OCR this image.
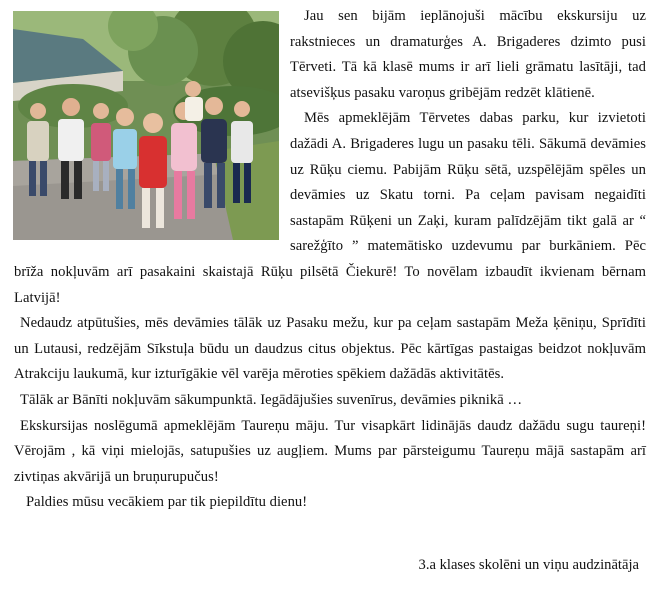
Jau sen bijām ieplānojuši mācību ekskursiju uz rakstnieces un dramaturģes A. Brigaderes dzimto pusi Tērveti. Tā kā klasē mums ir arī lieli grāmatu lasītāji, tad atsevišķus pasaku varoņus gribējām redzēt klātienē.

Mēs apmeklējām Tērvetes dabas parku, kur izvietoti dažādi A. Brigaderes lugu un pasaku tēli. Sākumā devāmies uz Rūķu ciemu. Pabijām Rūķu sētā, uzspēlējām spēles un devāmies uz Skatu torni. Pa ceļam pavisam negaidīti sastapām Rūķeni un Zaķi, kuram palīdzējām tikt galā ar “ sarežģīto ” matemātisko uzdevumu par burkāniem. Pēc brīža nokļuvām arī pasakaini skaistajā Rūķu pilsētā Čiekurē! To novēlam izbaudīt ikvienam bērnam Latvijā!

Nedaudz atpūtušies, mēs devāmies tālāk uz Pasaku mežu, kur pa ceļam sastapām Meža ķēniņu, Sprīdīti un Lutausi, redzējām Sīkstuļa būdu un daudzus citus objektus. Pēc kārtīgas pastaigas beidzot nokļuvām Atrakciju laukumā, kur izturīgākie vēl varēja mēroties spēkiem dažādās aktivitātēs.

Tālāk ar Bānīti nokļuvām sākumpunktā. Iegādājušies suvenīrus, devāmies piknikā …

Ekskursijas noslēgumā apmeklējām Taureņu māju. Tur visapkārt lidinājās daudz dažādu sugu taureņi! Vērojām , kā viņi mielojās, satupušies uz augļiem. Mums par pārsteigumu Taureņu mājā sastapām arī zivtiņas akvārijā un bruņurupučus!

Paldies mūsu vecākiem par tik piepildītu dienu!

3.a klases skolēni un viņu audzinātāja
